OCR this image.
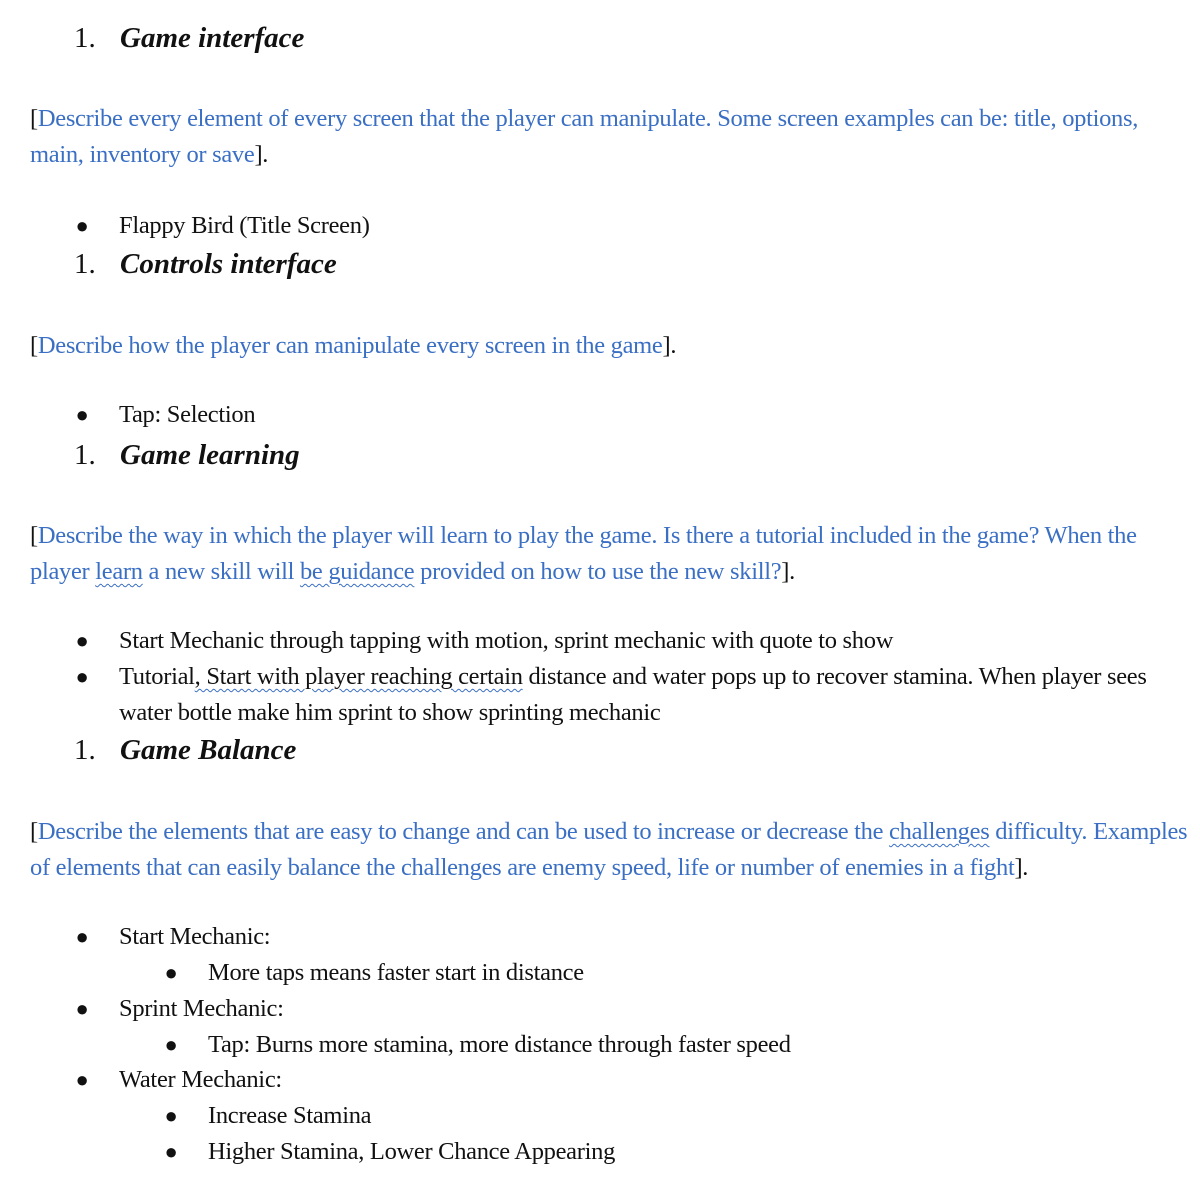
1. Game interface
[Describe every element of every screen that the player can manipulate. Some screen examples can be: title, options, main, inventory or save].
● Flappy Bird (Title Screen)
1. Controls interface
[Describe how the player can manipulate every screen in the game].
● Tap: Selection
1. Game learning
[Describe the way in which the player will learn to play the game. Is there a tutorial included in the game? When the player learn a new skill will be guidance provided on how to use the new skill?].
● Start Mechanic through tapping with motion, sprint mechanic with quote to show
● Tutorial, Start with player reaching certain distance and water pops up to recover stamina. When player sees water bottle make him sprint to show sprinting mechanic
1. Game Balance
[Describe the elements that are easy to change and can be used to increase or decrease the challenges difficulty. Examples of elements that can easily balance the challenges are enemy speed, life or number of enemies in a fight].
● Start Mechanic:
● More taps means faster start in distance
● Sprint Mechanic:
● Tap: Burns more stamina, more distance through faster speed
● Water Mechanic:
● Increase Stamina
● Higher Stamina, Lower Chance Appearing
